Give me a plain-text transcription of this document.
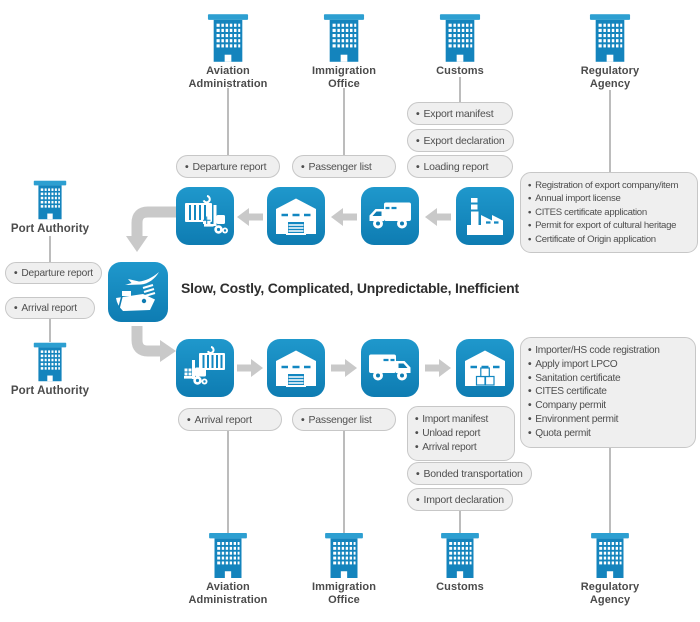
Aviation Administration
Immigration Office
Customs	Regulatory Agency
Port Authority
Port Authority
• Departure report	• Passenger list
• Export manifest
• Export declaration
• Loading report
• Departure report
• Arrival report
• Registration of export company/item
• Annual import license
• CITES certificate application
• Permit for export of cultural heritage
• Certificate of Origin application
Slow, Costly, Complicated, Unpredictable, Inefficient
• Importer/HS code registration
• Apply import LPCO
• Sanitation certificate
• CITES certificate
• Company permit
• Environment permit
• Quota permit
• Arrival report	• Passenger list	• Import manifest
• Unload report
• Arrival report
• Bonded transportation
• Import declaration
Aviation Administration
Immigration Office
Customs	Regulatory Agency
